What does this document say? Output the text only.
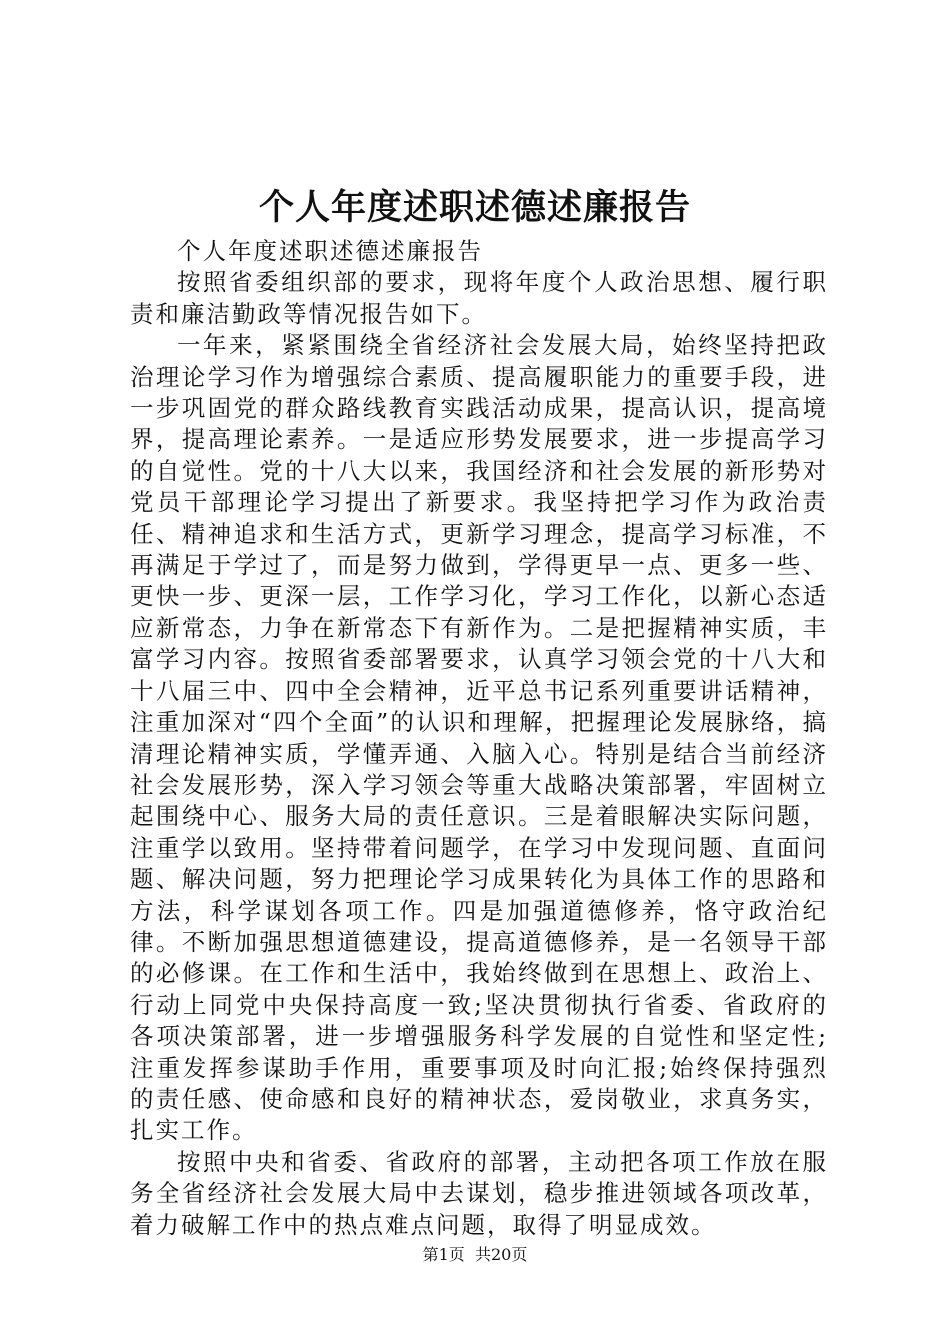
个人年度述职述德述廉报告

个人年度述职述德述廉报告

按照省委组织部的要求，现将年度个人政治思想、履行职责和廉洁勤政等情况报告如下。

一年来，紧紧围绕全省经济社会发展大局，始终坚持把政治理论学习作为增强综合素质、提高履职能力的重要手段，进一步巩固党的群众路线教育实践活动成果，提高认识，提高境界，提高理论素养。一是适应形势发展要求，进一步提高学习的自觉性。党的十八大以来，我国经济和社会发展的新形势对党员干部理论学习提出了新要求。我坚持把学习作为政治责任、精神追求和生活方式，更新学习理念，提高学习标准，不再满足于学过了，而是努力做到，学得更早一点、更多一些、更快一步、更深一层，工作学习化，学习工作化，以新心态适应新常态，力争在新常态下有新作为。二是把握精神实质，丰富学习内容。按照省委部署要求，认真学习领会党的十八大和十八届三中、四中全会精神，近平总书记系列重要讲话精神，注重加深对“四个全面”的认识和理解，把握理论发展脉络，搞清理论精神实质，学懂弄通、入脑入心。特别是结合当前经济社会发展形势，深入学习领会等重大战略决策部署，牢固树立起围绕中心、服务大局的责任意识。三是着眼解决实际问题，注重学以致用。坚持带着问题学，在学习中发现问题、直面问题、解决问题，努力把理论学习成果转化为具体工作的思路和方法，科学谋划各项工作。四是加强道德修养，恪守政治纪律。不断加强思想道德建设，提高道德修养，是一名领导干部的必修课。在工作和生活中，我始终做到在思想上、政治上、行动上同党中央保持高度一致;坚决贯彻执行省委、省政府的各项决策部署，进一步增强服务科学发展的自觉性和坚定性;注重发挥参谋助手作用，重要事项及时向汇报;始终保持强烈的责任感、使命感和良好的精神状态，爱岗敬业，求真务实，扎实工作。

按照中央和省委、省政府的部署，主动把各项工作放在服务全省经济社会发展大局中去谋划，稳步推进领域各项改革，着力破解工作中的热点难点问题，取得了明显成效。

第1页 共20页
